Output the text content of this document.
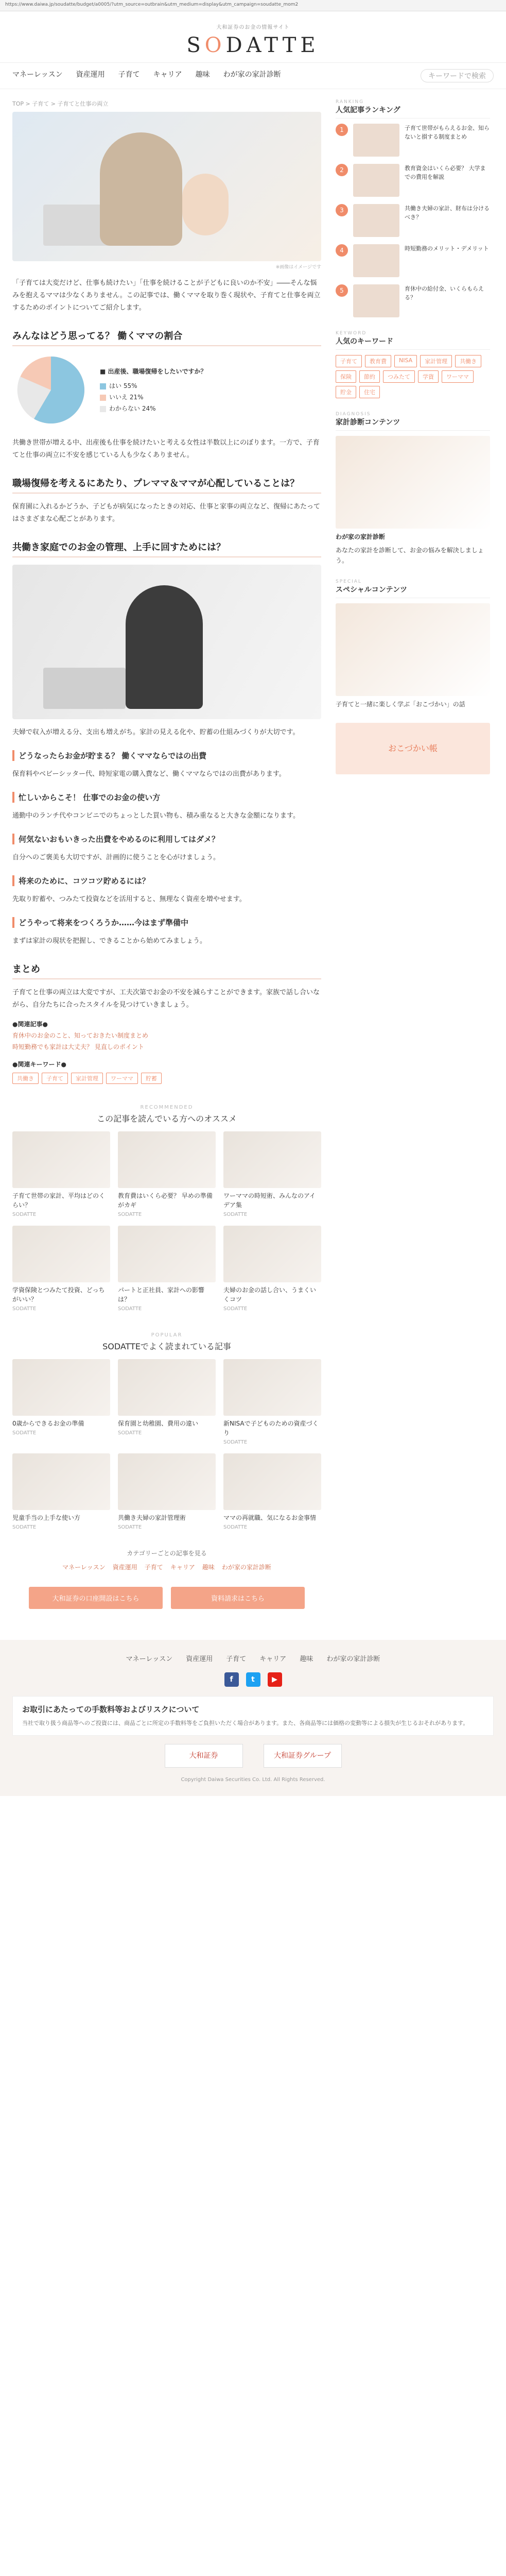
https://www.daiwa.jp/soudatte/budget/a0005/?utm_source=outbrain&utm_medium=display&utm_campaign=soudatte_mom2
大和証券のお金の情報サイト
SODATTE
マネーレッスン 資産運用 子育て キャリア 趣味 わが家の家計診断	キーワードで検索
TOP > 子育て > 子育てと仕事の両立
※画像はイメージです

「子育ては大変だけど、仕事も続けたい」「仕事を続けることが子どもに良いのか不安」――そんな悩みを抱えるママは少なくありません。この記事では、働くママを取り巻く現状や、子育てと仕事を両立するためのポイントについてご紹介します。

みんなはどう思ってる？ 働くママの割合
■ 出産後、職場復帰をしたいですか？
はい 55%
いいえ 21%
わからない 24%

共働き世帯が増える中、出産後も仕事を続けたいと考える女性は半数以上にのぼります。一方で、子育てと仕事の両立に不安を感じている人も少なくありません。

職場復帰を考えるにあたり、プレママ＆ママが心配していることは？

保育園に入れるかどうか、子どもが病気になったときの対応、仕事と家事の両立など、復帰にあたってはさまざまな心配ごとがあります。

共働き家庭でのお金の管理、上手に回すためには？

夫婦で収入が増える分、支出も増えがち。家計の見える化や、貯蓄の仕組みづくりが大切です。

どうなったらお金が貯まる？ 働くママならではの出費

保育料やベビーシッター代、時短家電の購入費など、働くママならではの出費があります。

忙しいからこそ！ 仕事でのお金の使い方

通勤中のランチ代やコンビニでのちょっとした買い物も、積み重なると大きな金額になります。

何気ないおもいきった出費をやめるのに利用してはダメ？

自分へのご褒美も大切ですが、計画的に使うことを心がけましょう。

将来のために、コツコツ貯めるには？

先取り貯蓄や、つみたて投資などを活用すると、無理なく資産を増やせます。

どうやって将来をつくろうか……今はまず準備中

まずは家計の現状を把握し、できることから始めてみましょう。

まとめ

子育てと仕事の両立は大変ですが、工夫次第でお金の不安を減らすことができます。家族で話し合いながら、自分たちに合ったスタイルを見つけていきましょう。

●関連記事●
育休中のお金のこと、知っておきたい制度まとめ
時短勤務でも家計は大丈夫？ 見直しのポイント
●関連キーワード●
共働き	子育て	家計管理	ワーママ	貯蓄
RECOMMENDED
この記事を読んでいる方へのオススメ
子育て世帯の家計、平均はどのくらい？
SODATTE
教育費はいくら必要？ 早めの準備がカギ
SODATTE
ワーママの時短術、みんなのアイデア集
SODATTE
学資保険とつみたて投資、どっちがいい？
SODATTE
パートと正社員、家計への影響は？
SODATTE
夫婦のお金の話し合い、うまくいくコツ
SODATTE
POPULAR
SODATTEでよく読まれている記事
0歳からできるお金の準備
SODATTE
保育園と幼稚園、費用の違い
SODATTE
新NISAで子どものための資産づくり
SODATTE
児童手当の上手な使い方
SODATTE
共働き夫婦の家計管理術
SODATTE
ママの再就職、気になるお金事情
SODATTE
カテゴリーごとの記事を見る
マネーレッスン 資産運用 子育て キャリア 趣味 わが家の家計診断
大和証券の口座開設はこちら	資料請求はこちら
RANKING
人気記事ランキング
1	子育て世帯がもらえるお金、知らないと損する制度まとめ
2	教育資金はいくら必要？ 大学までの費用を解説
3	共働き夫婦の家計、財布は分けるべき？
4	時短勤務のメリット・デメリット
5	育休中の給付金、いくらもらえる？
KEYWORD
人気のキーワード
子育て	教育費	NISA	家計管理	共働き
保険	節約	つみたて	学資	ワーママ
貯金	住宅
DIAGNOSIS
家計診断コンテンツ
わが家の家計診断
あなたの家計を診断して、お金の悩みを解決しましょう。
SPECIAL
スペシャルコンテンツ
子育てと一緒に楽しく学ぶ「おこづかい」の話
おこづかい帳
マネーレッスン 資産運用 子育て キャリア 趣味 わが家の家計診断
f	t	▶
お取引にあたっての手数料等およびリスクについて
当社で取り扱う商品等へのご投資には、商品ごとに所定の手数料等をご負担いただく場合があります。また、各商品等には価格の変動等による損失が生じるおそれがあります。
大和証券	大和証券グループ
Copyright Daiwa Securities Co. Ltd. All Rights Reserved.
